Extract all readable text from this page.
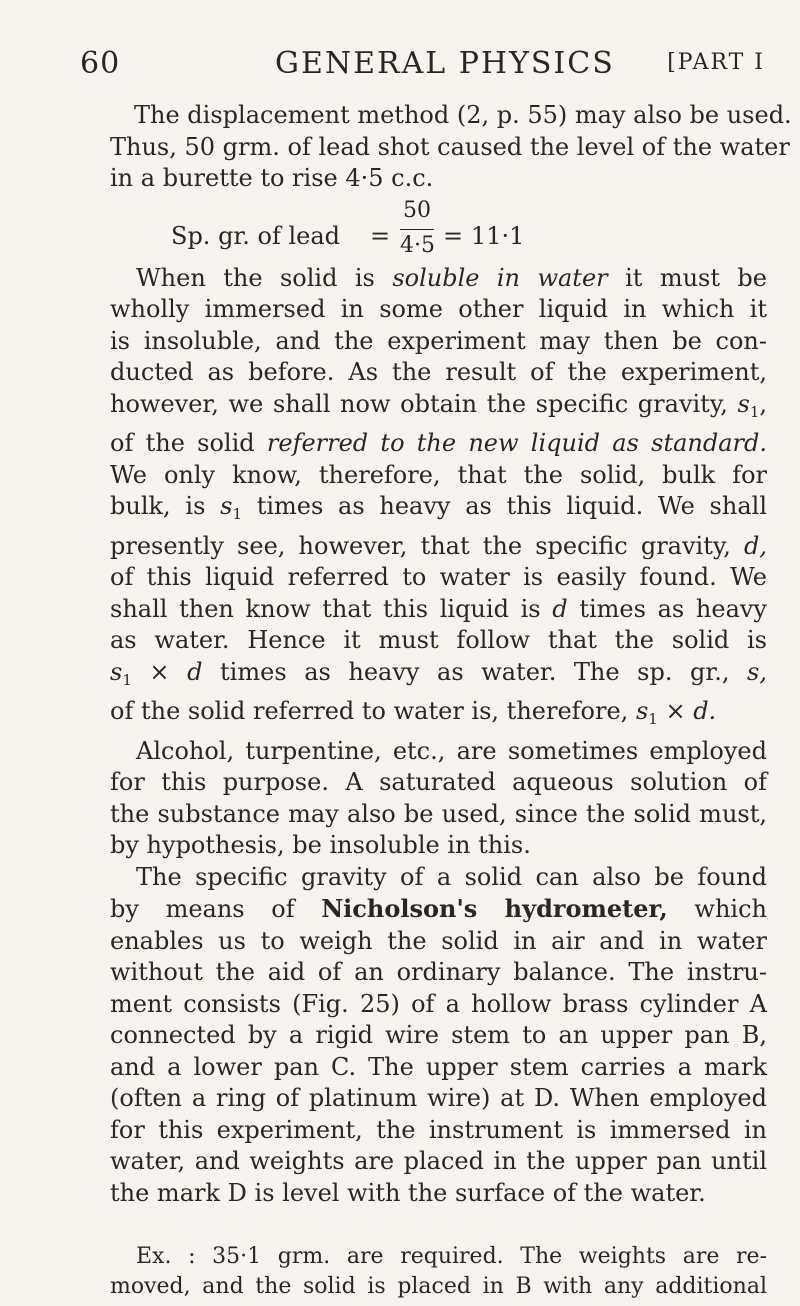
60	GENERAL PHYSICS [PART I
The displacement method (2, p. 55) may also be used.
Thus, 50 grm. of lead shot caused the level of the water
in a burette to rise 4·5 c.c.
Sp. gr. of lead =
50
4·5 = 11·1
When the solid is soluble in water it must be
wholly immersed in some other liquid in which it
is insoluble, and the experiment may then be con-
ducted as before. As the result of the experiment,
however, we shall now obtain the specific gravity, $s_1$,
of the solid referred to the new liquid as standard.
We only know, therefore, that the solid, bulk for
bulk, is $s_1$ times as heavy as this liquid. We shall
presently see, however, that the specific gravity, d,
of this liquid referred to water is easily found. We
shall then know that this liquid is d times as heavy
as water. Hence it must follow that the solid is
$s_1 \times d$ times as heavy as water. The sp. gr., s,
of the solid referred to water is, therefore, $s_1 \times d$.
Alcohol, turpentine, etc., are sometimes employed
for this purpose. A saturated aqueous solution of
the substance may also be used, since the solid must,
by hypothesis, be insoluble in this.
The specific gravity of a solid can also be found
by means of Nicholson's hydrometer, which
enables us to weigh the solid in air and in water
without the aid of an ordinary balance. The instru-
ment consists (Fig. 25) of a hollow brass cylinder A
connected by a rigid wire stem to an upper pan B,
and a lower pan C. The upper stem carries a mark
(often a ring of platinum wire) at D. When employed
for this experiment, the instrument is immersed in
water, and weights are placed in the upper pan until
the mark D is level with the surface of the water.
Ex. : 35·1 grm. are required. The weights are re-
moved, and the solid is placed in B with any additional
